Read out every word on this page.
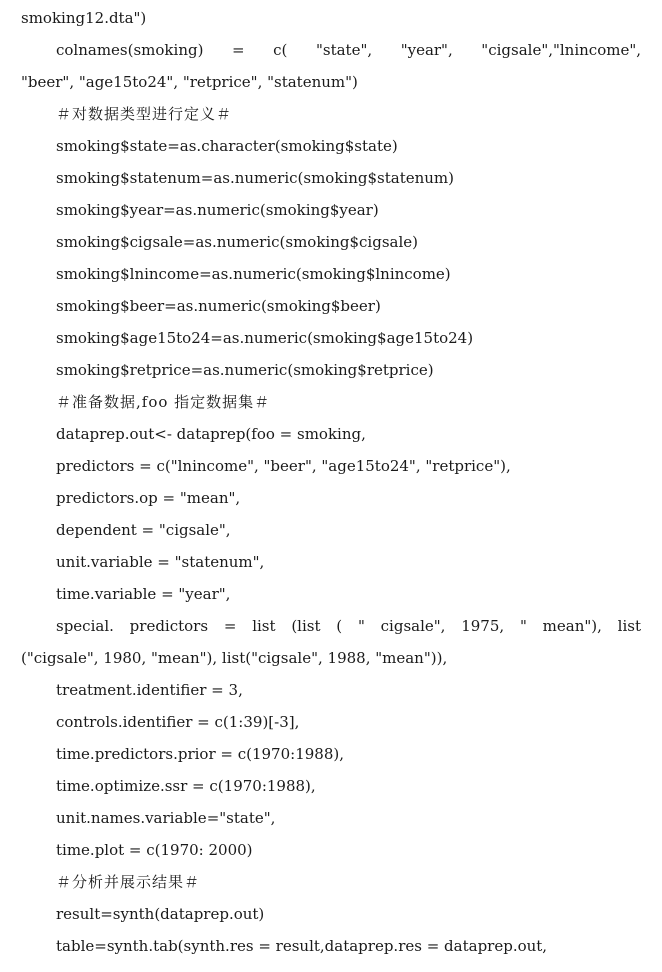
smoking12.dta")
colnames(smoking) = c( "state", "year", "cigsale","lnincome",
"beer", "age15to24", "retprice", "statenum")
＃对数据类型进行定义＃
smoking$state=as.character(smoking$state)
smoking$statenum=as.numeric(smoking$statenum)
smoking$year=as.numeric(smoking$year)
smoking$cigsale=as.numeric(smoking$cigsale)
smoking$lnincome=as.numeric(smoking$lnincome)
smoking$beer=as.numeric(smoking$beer)
smoking$age15to24=as.numeric(smoking$age15to24)
smoking$retprice=as.numeric(smoking$retprice)
＃准备数据,foo 指定数据集＃
dataprep.out<- dataprep(foo = smoking,
predictors = c("lnincome", "beer", "age15to24", "retprice"),
predictors.op = "mean",
dependent = "cigsale",
unit.variable = "statenum",
time.variable = "year",
special. predictors = list (list ( " cigsale", 1975, " mean"), list
("cigsale", 1980, "mean"), list("cigsale", 1988, "mean")),
treatment.identifier = 3,
controls.identifier = c(1:39)[-3],
time.predictors.prior = c(1970:1988),
time.optimize.ssr = c(1970:1988),
unit.names.variable="state",
time.plot = c(1970: 2000)
＃分析并展示结果＃
result=synth(dataprep.out)
table=synth.tab(synth.res = result,dataprep.res = dataprep.out,
